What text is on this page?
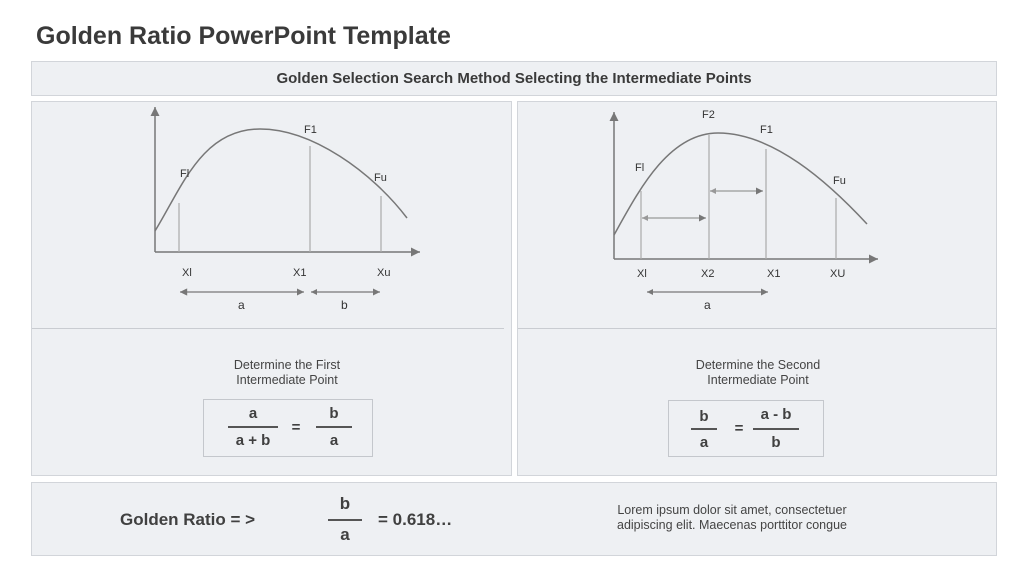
Golden Ratio PowerPoint Template
Golden Selection Search Method Selecting the Intermediate Points
Fl
F1
Fu
Xl	X1	Xu
a	b
Determine the First
Intermediate Point
a
a + b
=
b
a
Fl
F2
F1
Fu
Xl	X2	X1	XU
a
Determine the Second
Intermediate Point
b
a
=
a - b
b
Golden Ratio = >
b
a
= 0.618…	Lorem ipsum dolor sit amet, consectetuer
adipiscing elit. Maecenas porttitor congue
